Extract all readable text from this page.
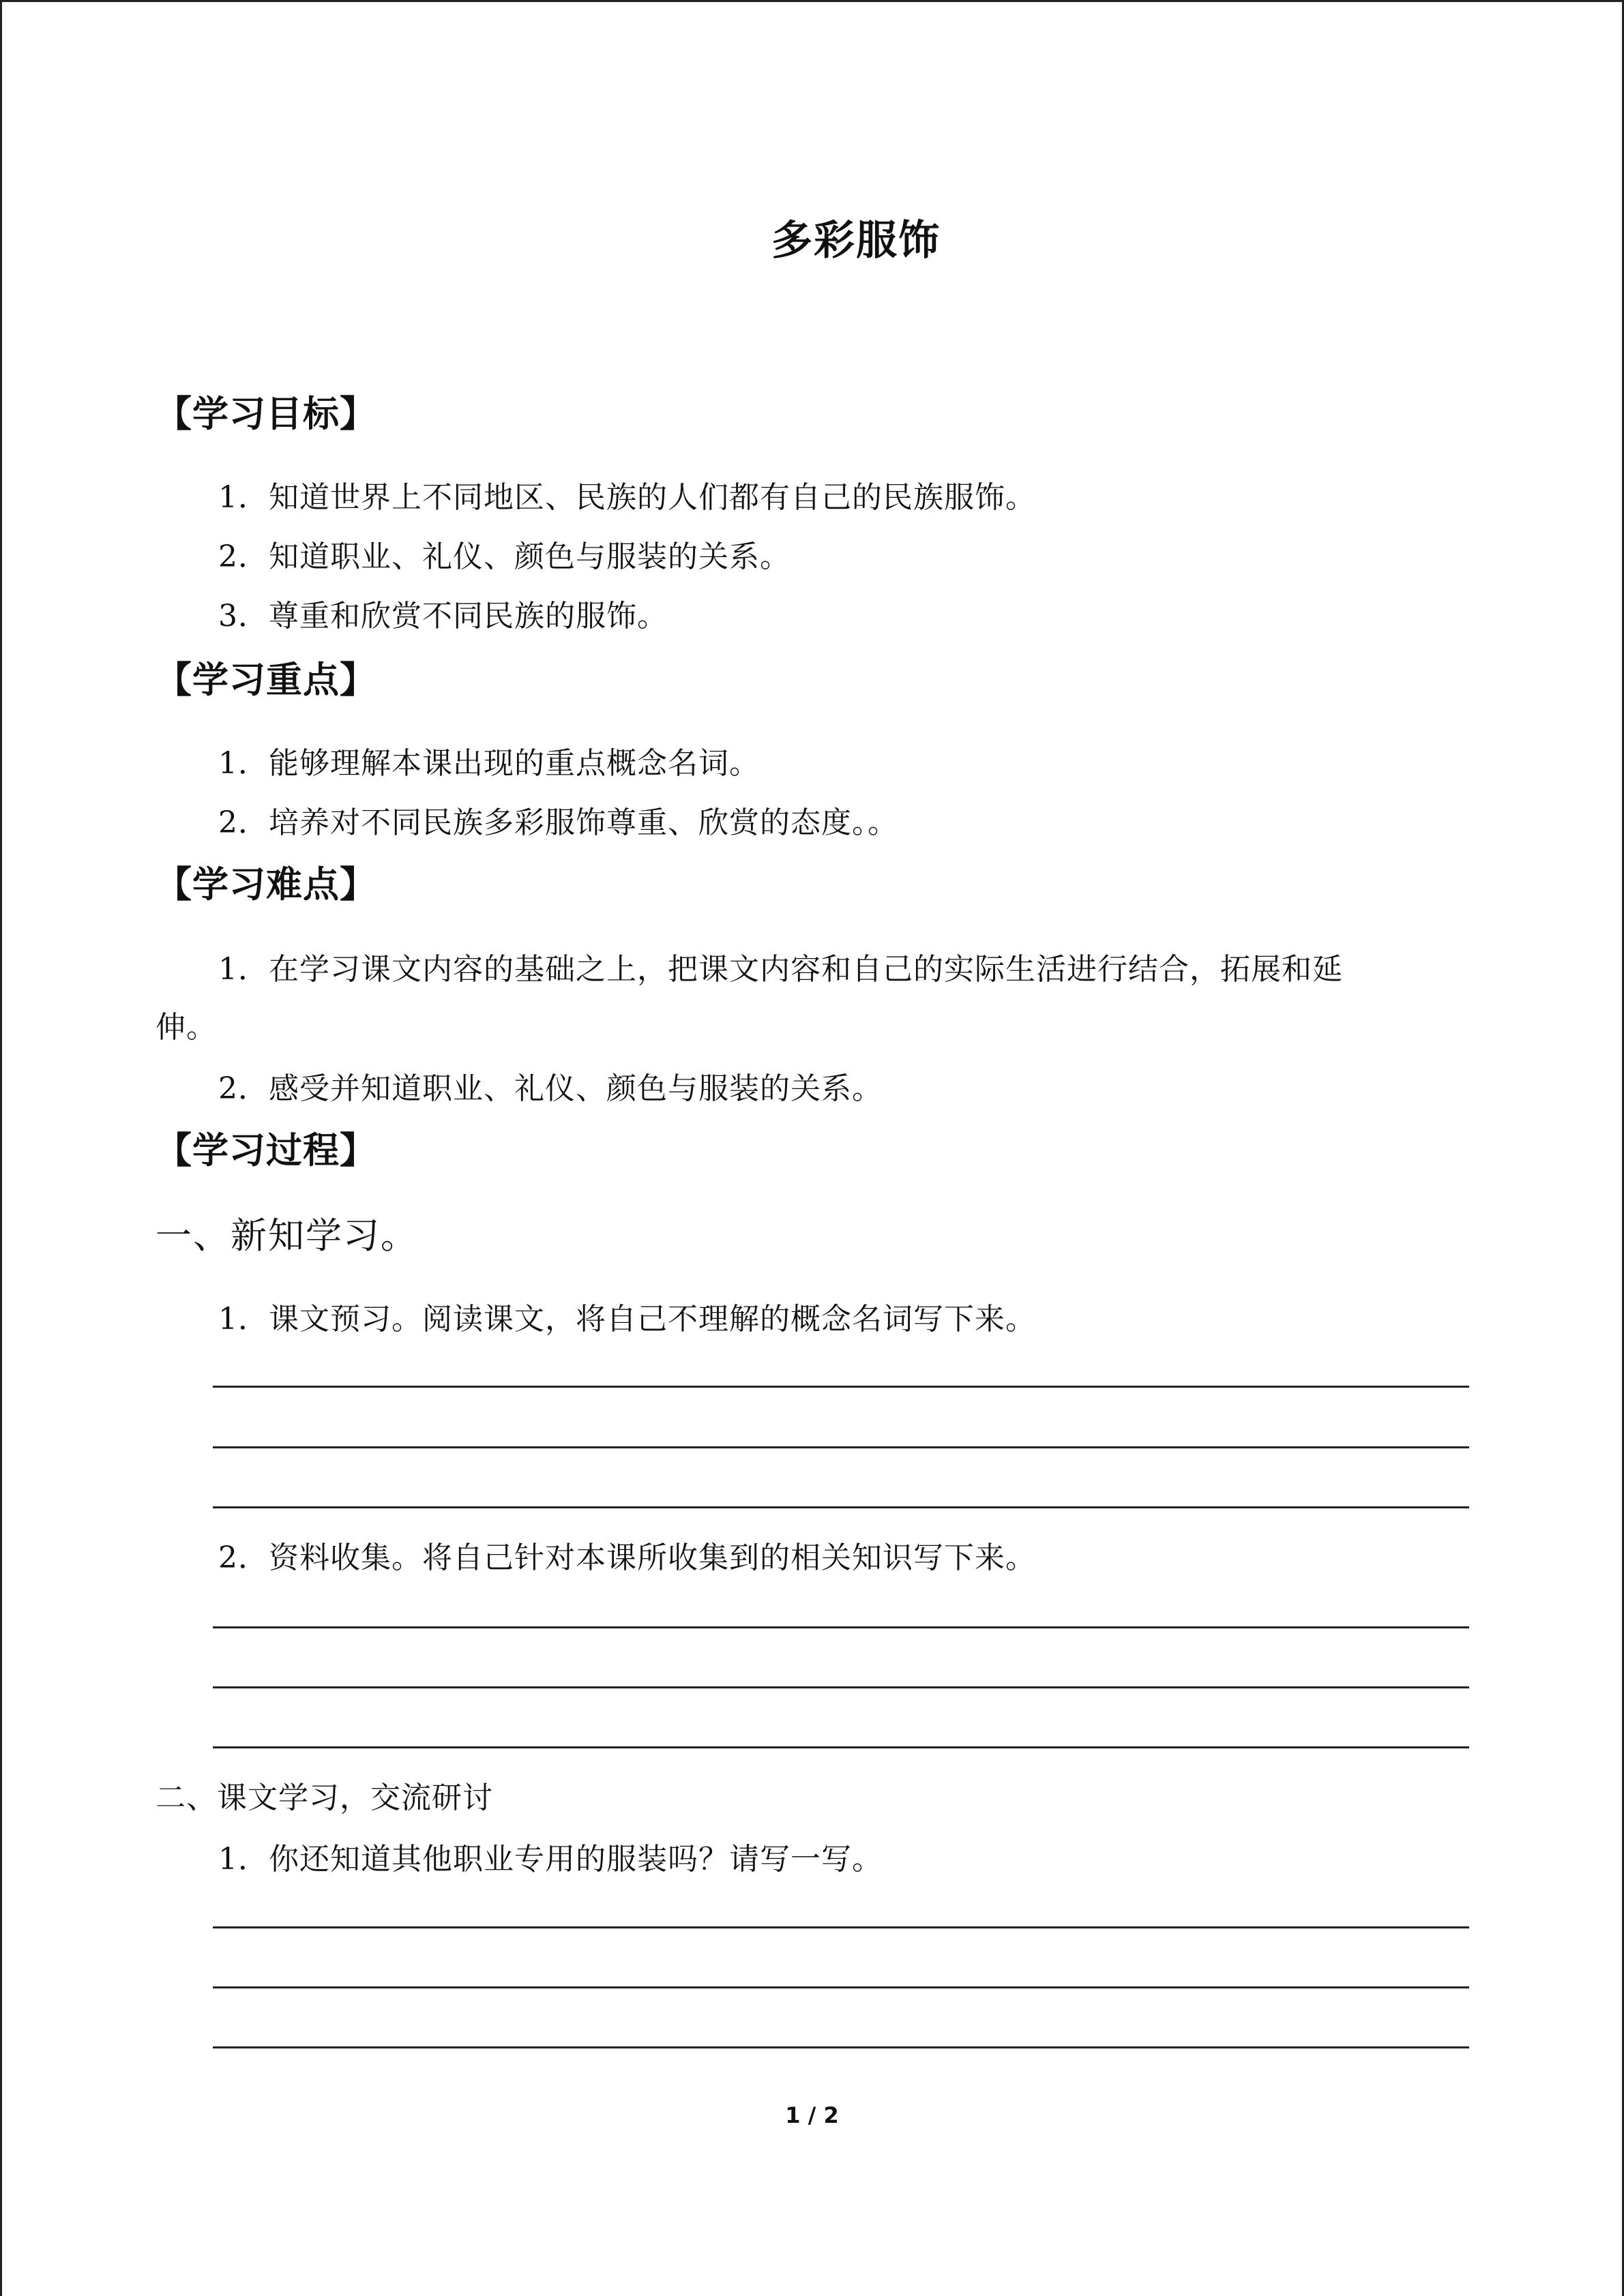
多彩服饰
【学习目标】
1．知道世界上不同地区、民族的人们都有自己的民族服饰。
2．知道职业、礼仪、颜色与服装的关系。
3．尊重和欣赏不同民族的服饰。
【学习重点】
1．能够理解本课出现的重点概念名词。
2．培养对不同民族多彩服饰尊重、欣赏的态度。。
【学习难点】
1．在学习课文内容的基础之上，把课文内容和自己的实际生活进行结合，拓展和延
伸。
2．感受并知道职业、礼仪、颜色与服装的关系。
【学习过程】
一、新知学习。
1．课文预习。阅读课文，将自己不理解的概念名词写下来。
2．资料收集。将自己针对本课所收集到的相关知识写下来。
二、课文学习，交流研讨
1．你还知道其他职业专用的服装吗？请写一写。
1 / 2
